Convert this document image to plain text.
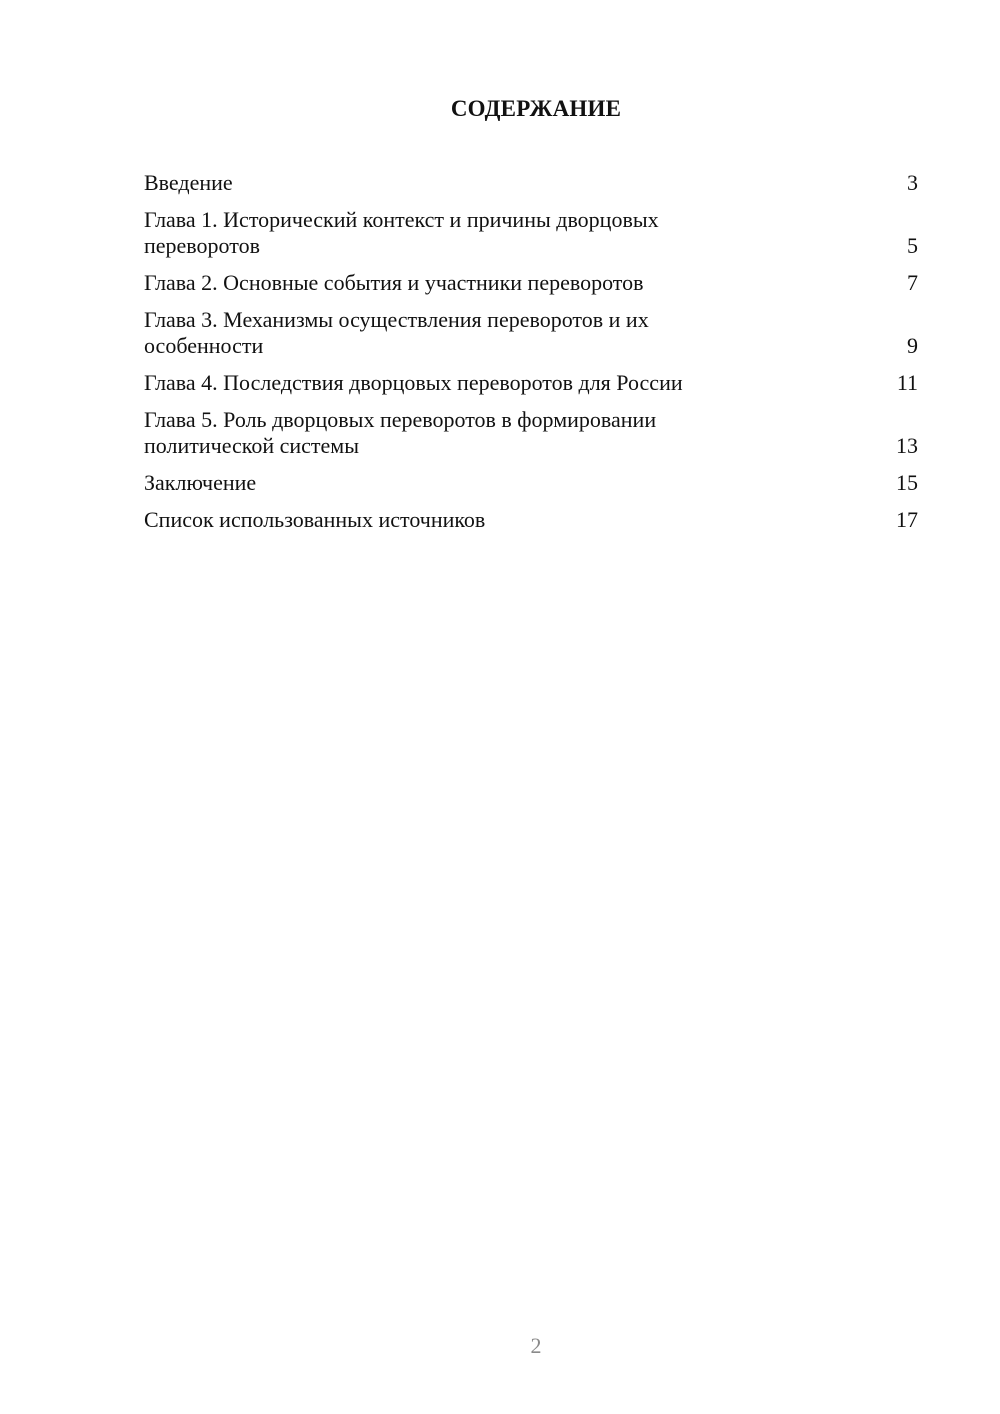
СОДЕРЖАНИЕ
Введение	3
Глава 1. Исторический контекст и причины дворцовых
переворотов	5
Глава 2. Основные события и участники переворотов	7
Глава 3. Механизмы осуществления переворотов и их
особенности	9
Глава 4. Последствия дворцовых переворотов для России	11
Глава 5. Роль дворцовых переворотов в формировании
политической системы	13
Заключение	15
Список использованных источников	17
2
